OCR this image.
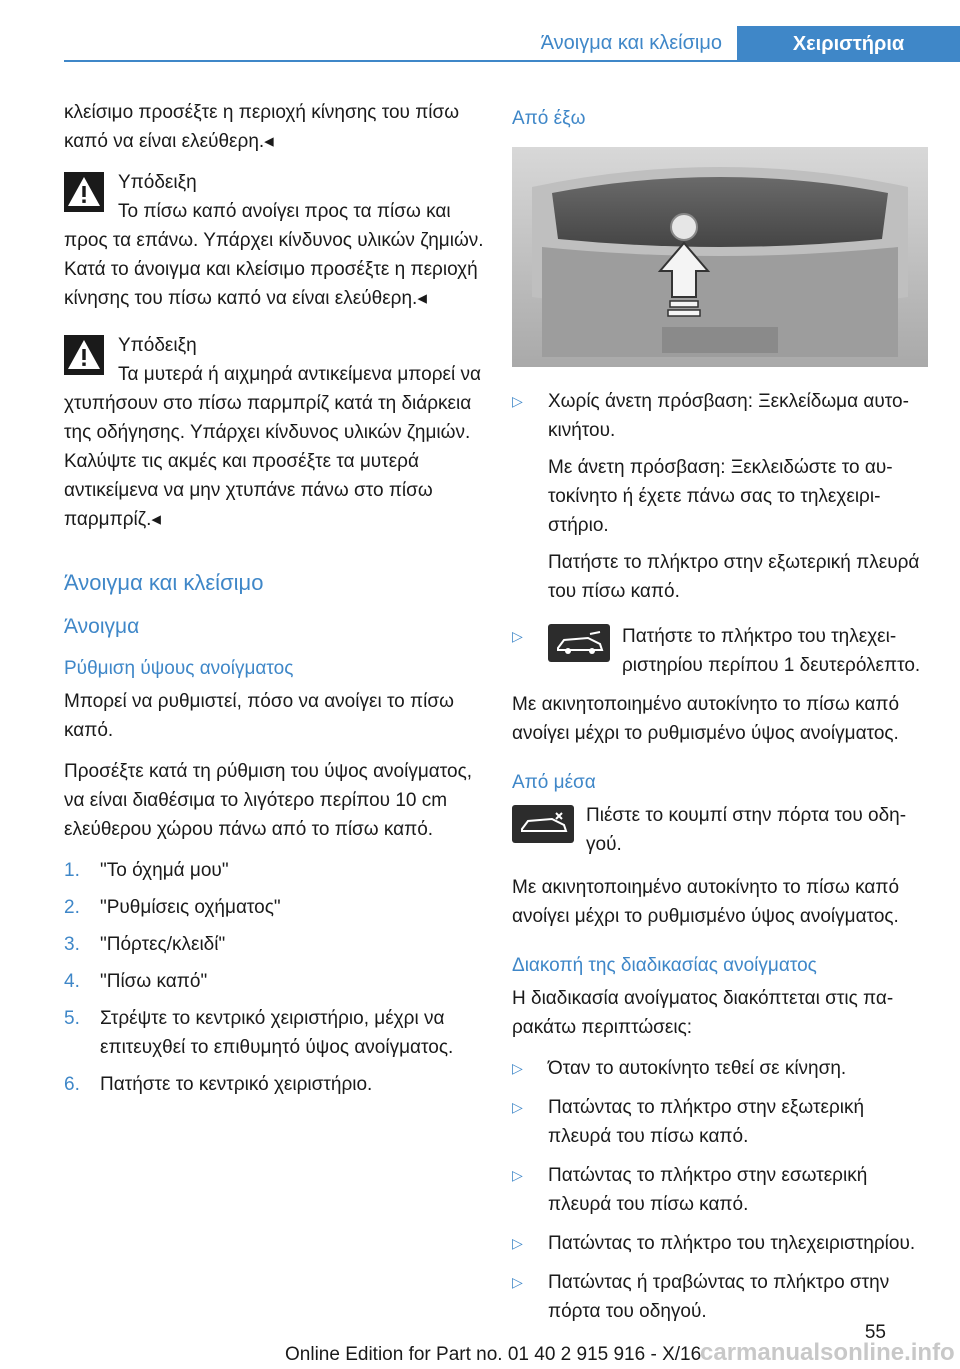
Άνοιγμα και κλείσιμο	Χειριστήρια

κλείσιμο προσέξτε η περιοχή κίνησης του πίσω καπό να είναι ελεύθερη.◂

Υπόδειξη
Το πίσω καπό ανοίγει προς τα πίσω και προς τα επάνω. Υπάρχει κίνδυνος υλικών ζημιών. Κατά το άνοιγμα και κλείσιμο προσέξτε η περιοχή κίνησης του πίσω καπό να είναι ελεύθερη.◂
Υπόδειξη
Τα μυτερά ή αιχμηρά αντικείμενα μπορεί να χτυπήσουν στο πίσω παρμπρίζ κατά τη διάρκεια της οδήγησης. Υπάρχει κίνδυνος υλικών ζημιών. Καλύψτε τις ακμές και προσέξτε τα μυτερά αντικείμενα να μην χτυπάνε πάνω στο πίσω παρμπρίζ.◂
Άνοιγμα και κλείσιμο
Άνοιγμα
Ρύθμιση ύψους ανοίγματος

Μπορεί να ρυθμιστεί, πόσο να ανοίγει το πίσω καπό.

Προσέξτε κατά τη ρύθμιση του ύψος ανοίγματος, να είναι διαθέσιμα το λιγότερο περίπου 10 cm ελεύθερου χώρου πάνω από το πίσω καπό.

1. "Το όχημά μου"
2. "Ρυθμίσεις οχήματος"
3. "Πόρτες/κλειδί"
4. "Πίσω καπό"
5. Στρέψτε το κεντρικό χειριστήριο, μέχρι να επιτευχθεί το επιθυμητό ύψος ανοίγματος.
6. Πατήστε το κεντρικό χειριστήριο.
Από έξω
▷ Χωρίς άνετη πρόσβαση: Ξεκλείδωμα αυτοκινήτου.
Με άνετη πρόσβαση: Ξεκλειδώστε το αυτοκίνητο ή έχετε πάνω σας το τηλεχειριστήριο.
Πατήστε το πλήκτρο στην εξωτερική πλευρά του πίσω καπό.
▷	Πατήστε το πλήκτρο του τηλεχειριστηρίου περίπου 1 δευτερόλεπτο.

Με ακινητοποιημένο αυτοκίνητο το πίσω καπό ανοίγει μέχρι το ρυθμισμένο ύψος ανοίγματος.

Από μέσα
Πιέστε το κουμπί στην πόρτα του οδηγού.

Με ακινητοποιημένο αυτοκίνητο το πίσω καπό ανοίγει μέχρι το ρυθμισμένο ύψος ανοίγματος.

Διακοπή της διαδικασίας ανοίγματος

Η διαδικασία ανοίγματος διακόπτεται στις παρακάτω περιπτώσεις:

▷ Όταν το αυτοκίνητο τεθεί σε κίνηση.
▷ Πατώντας το πλήκτρο στην εξωτερική πλευρά του πίσω καπό.
▷ Πατώντας το πλήκτρο στην εσωτερική πλευρά του πίσω καπό.
▷ Πατώντας το πλήκτρο του τηλεχειριστηρίου.
▷ Πατώντας ή τραβώντας το πλήκτρο στην πόρτα του οδηγού.
55
Online Edition for Part no. 01 40 2 915 916 - X/16
carmanualsonline.info
